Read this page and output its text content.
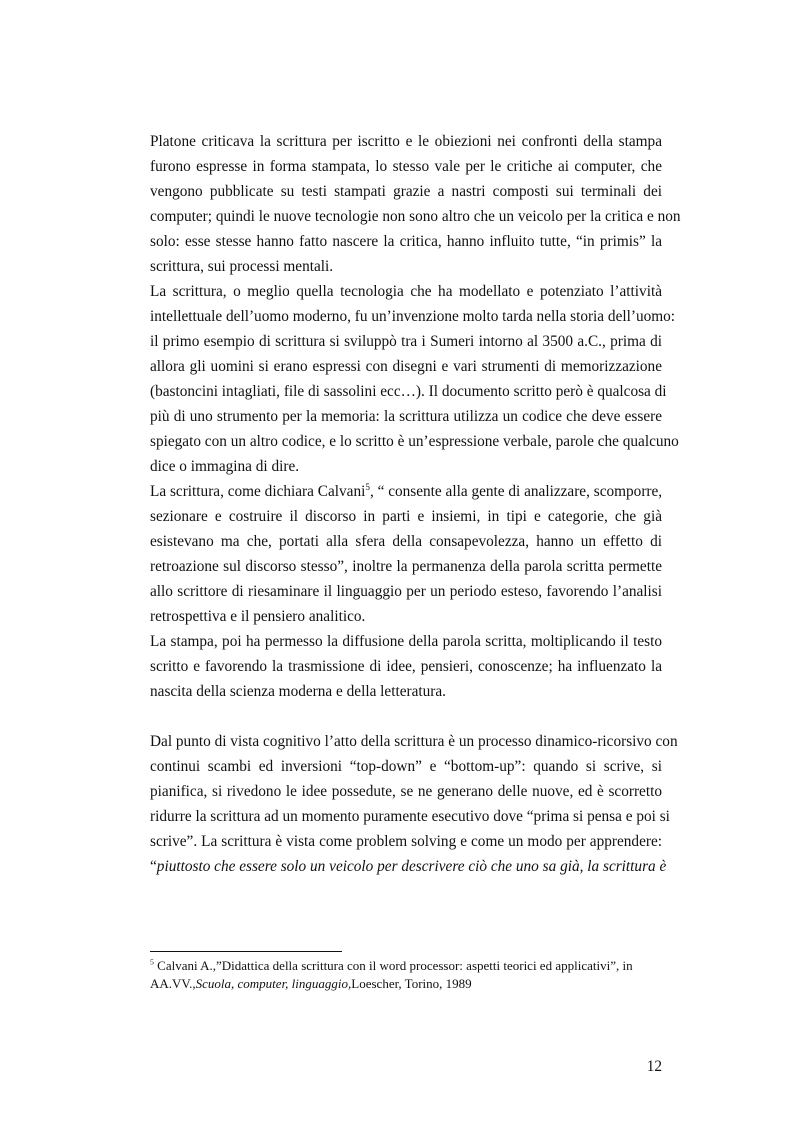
Platone criticava la scrittura per iscritto e le obiezioni nei confronti della stampa
furono espresse in forma stampata, lo stesso vale per le critiche ai computer, che
vengono pubblicate su testi stampati grazie a nastri composti sui terminali dei
computer; quindi le nuove tecnologie non sono altro che un veicolo per la critica e non
solo: esse stesse hanno fatto nascere la critica, hanno influito tutte, “in primis” la
scrittura, sui processi mentali.
La scrittura, o meglio quella tecnologia che ha modellato e potenziato l’attività
intellettuale dell’uomo moderno, fu un’invenzione molto tarda nella storia dell’uomo:
il primo esempio di scrittura si sviluppò tra i Sumeri intorno al 3500 a.C., prima di
allora gli uomini si erano espressi con disegni e vari strumenti di memorizzazione
(bastoncini intagliati, file di sassolini ecc…). Il documento scritto però è qualcosa di
più di uno strumento per la memoria: la scrittura utilizza un codice che deve essere
spiegato con un altro codice, e lo scritto è un’espressione verbale, parole che qualcuno
dice o immagina di dire.
La scrittura, come dichiara Calvani$^5$, “ consente alla gente di analizzare, scomporre,
sezionare e costruire il discorso in parti e insiemi, in tipi e categorie, che già
esistevano ma che, portati alla sfera della consapevolezza, hanno un effetto di
retroazione sul discorso stesso”, inoltre la permanenza della parola scritta permette
allo scrittore di riesaminare il linguaggio per un periodo esteso, favorendo l’analisi
retrospettiva e il pensiero analitico.
La stampa, poi ha permesso la diffusione della parola scritta, moltiplicando il testo
scritto e favorendo la trasmissione di idee, pensieri, conoscenze; ha influenzato la
nascita della scienza moderna e della letteratura.
Dal punto di vista cognitivo l’atto della scrittura è un processo dinamico-ricorsivo con
continui scambi ed inversioni “top-down” e “bottom-up”: quando si scrive, si
pianifica, si rivedono le idee possedute, se ne generano delle nuove, ed è scorretto
ridurre la scrittura ad un momento puramente esecutivo dove “prima si pensa e poi si
scrive”. La scrittura è vista come problem solving e come un modo per apprendere:
“piuttosto che essere solo un veicolo per descrivere ciò che uno sa già, la scrittura è
$^5$ Calvani A.,”Didattica della scrittura con il word processor: aspetti teorici ed applicativi”, in
AA.VV.,Scuola, computer, linguaggio,Loescher, Torino, 1989
12
